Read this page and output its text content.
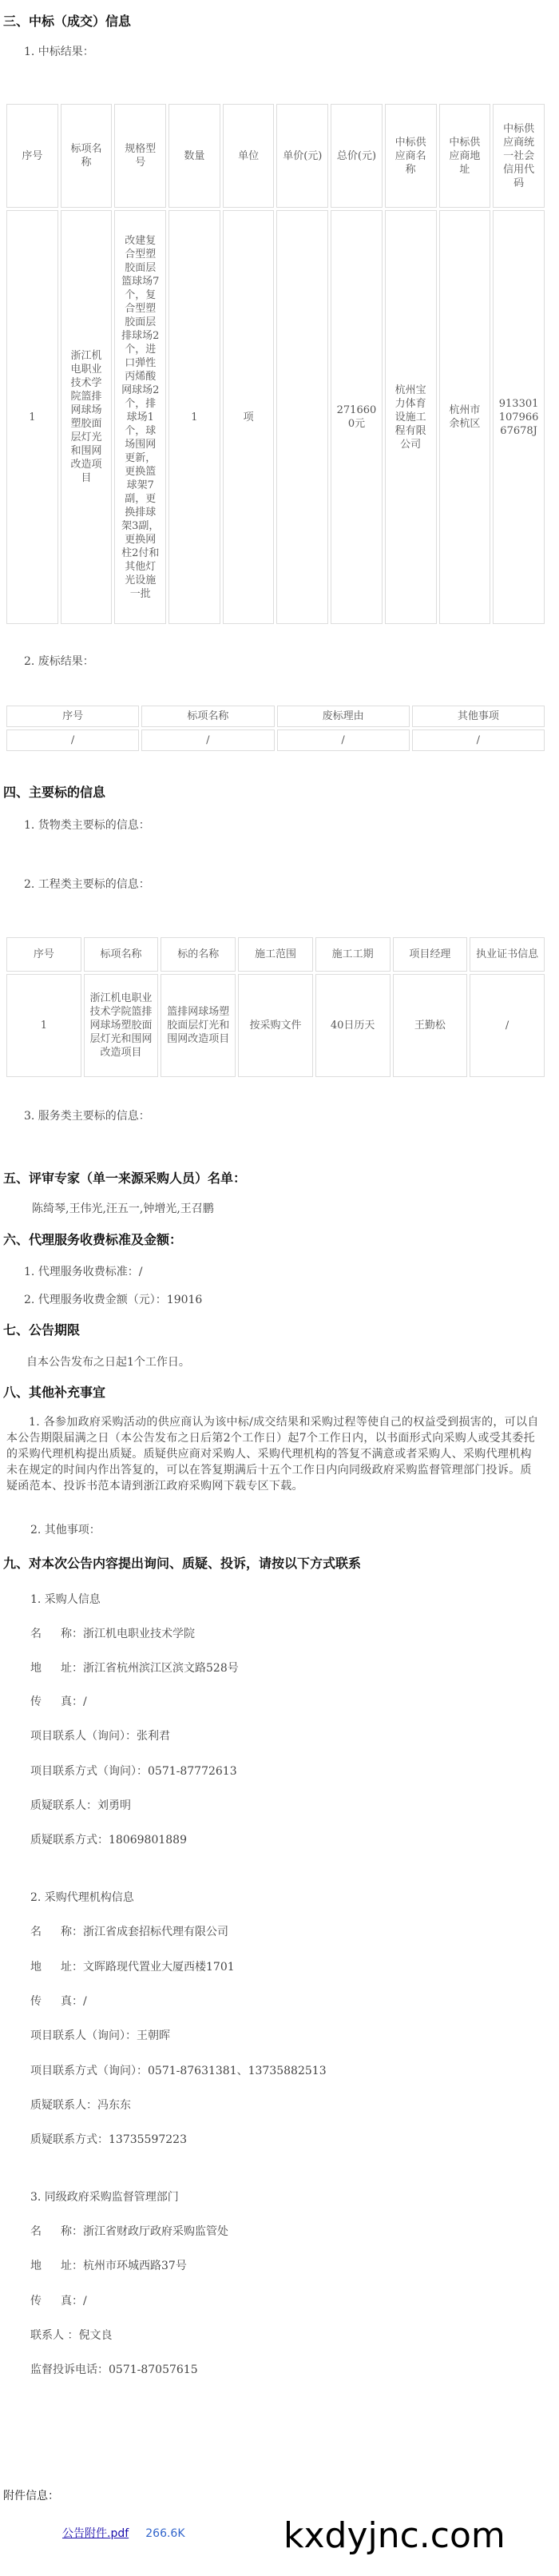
三、中标（成交）信息
1. 中标结果：
序号	标项名称	规格型号	数量	单位	单价(元)	总价(元)	中标供应商名称	中标供应商地址	中标供应商统一社会信用代码
1	浙江机电职业技术学院篮排网球场塑胶面层灯光和围网改造项目	改建复合型塑胶面层篮球场7个，复合型塑胶面层排球场2个，进口弹性丙烯酸网球场2个，排球场1个，球场围网更新，更换篮球架7副，更换排球架3副，更换网柱2付和其他灯光设施一批	1	项		2716600元	杭州宝力体育设施工程有限公司	杭州市余杭区	91330110796667678J
2. 废标结果：
序号	标项名称	废标理由	其他事项
/	/	/	/
四、主要标的信息
1. 货物类主要标的信息：
2. 工程类主要标的信息：
序号	标项名称	标的名称	施工范围	施工工期	项目经理	执业证书信息
1	浙江机电职业技术学院篮排网球场塑胶面层灯光和围网改造项目	篮排网球场塑胶面层灯光和围网改造项目	按采购文件	40日历天	王勤松	/
3. 服务类主要标的信息：
五、评审专家（单一来源采购人员）名单：
陈绮琴,王伟光,汪五一,钟增光,王召鹏
六、代理服务收费标准及金额：
1. 代理服务收费标准：/
2. 代理服务收费金额（元）：19016
七、公告期限
自本公告发布之日起1个工作日。
八、其他补充事宜
1. 各参加政府采购活动的供应商认为该中标/成交结果和采购过程等使自己的权益受到损害的，可以自本公告期限届满之日（本公告发布之日后第2个工作日）起7个工作日内，以书面形式向采购人或受其委托的采购代理机构提出质疑。质疑供应商对采购人、采购代理机构的答复不满意或者采购人、采购代理机构未在规定的时间内作出答复的，可以在答复期满后十五个工作日内向同级政府采购监督管理部门投诉。质疑函范本、投诉书范本请到浙江政府采购网下载专区下载。
2. 其他事项：
九、对本次公告内容提出询问、质疑、投诉，请按以下方式联系
1. 采购人信息
名称：浙江机电职业技术学院
地址：浙江省杭州滨江区滨文路528号
传真：/
项目联系人（询问）：张利君
项目联系方式（询问）：0571-87772613
质疑联系人：刘勇明
质疑联系方式：18069801889
2. 采购代理机构信息
名称：浙江省成套招标代理有限公司
地址：文晖路现代置业大厦西楼1701
传真：/
项目联系人（询问）：王朝晖
项目联系方式（询问）：0571-87631381、13735882513
质疑联系人：冯东东
质疑联系方式：13735597223
3. 同级政府采购监督管理部门
名称：浙江省财政厅政府采购监管处
地址：杭州市环城西路37号
传真：/
联系人 ：倪文良
监督投诉电话：0571-87057615
附件信息：
公告附件.pdf 266.6K	kxdyjnc.com
